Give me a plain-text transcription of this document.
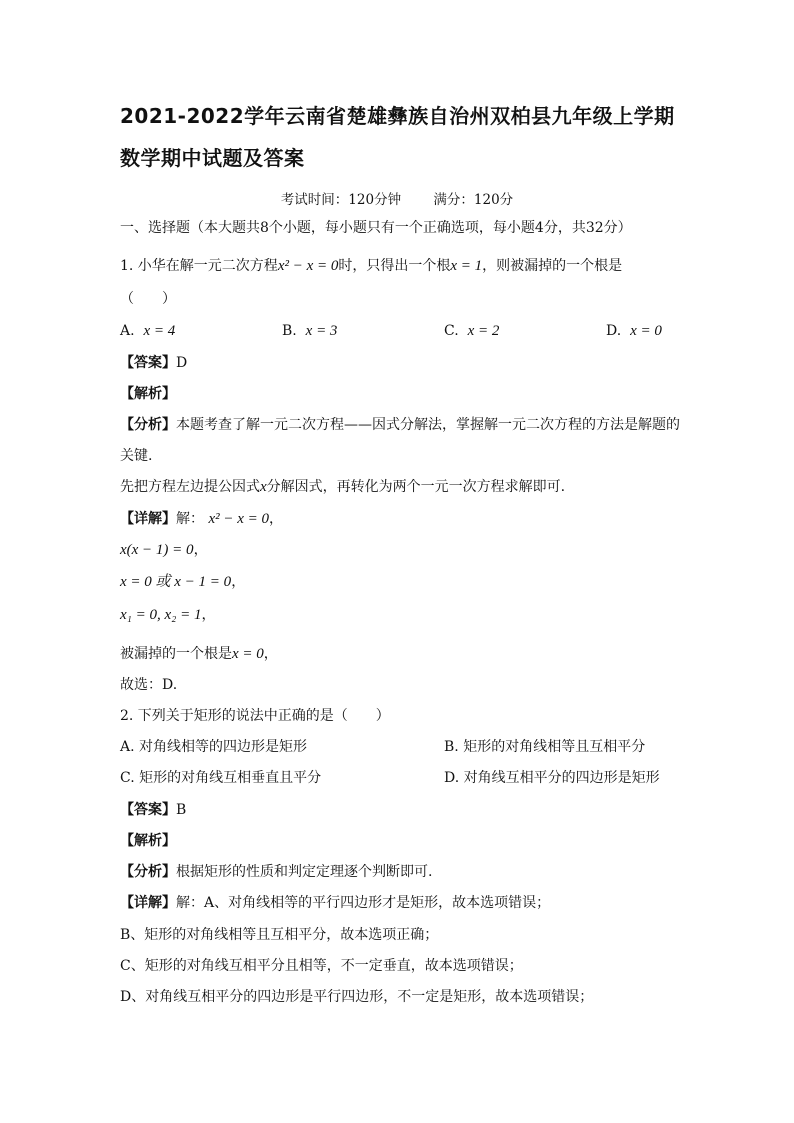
2021-2022学年云南省楚雄彝族自治州双柏县九年级上学期
数学期中试题及答案
考试时间：120分钟 满分：120分
一、选择题（本大题共8个小题，每小题只有一个正确选项，每小题4分，共32分）
1. 小华在解一元二次方程x² − x = 0时，只得出一个根x = 1，则被漏掉的一个根是
（　　）
A. x = 4	B. x = 3	C. x = 2	D. x = 0
【答案】D
【解析】
【分析】本题考查了解一元二次方程——因式分解法，掌握解一元二次方程的方法是解题的
关键.
先把方程左边提公因式x分解因式，再转化为两个一元一次方程求解即可.
【详解】解： x² − x = 0，
x(x − 1) = 0，
x = 0 或 x − 1 = 0，
x₁ = 0, x₂ = 1，
被漏掉的一个根是x = 0，
故选：D.
2. 下列关于矩形的说法中正确的是（　　）
A. 对角线相等的四边形是矩形	B. 矩形的对角线相等且互相平分
C. 矩形的对角线互相垂直且平分	D. 对角线互相平分的四边形是矩形
【答案】B
【解析】
【分析】根据矩形的性质和判定定理逐个判断即可.
【详解】解：A、对角线相等的平行四边形才是矩形，故本选项错误；
B、矩形的对角线相等且互相平分，故本选项正确；
C、矩形的对角线互相平分且相等，不一定垂直，故本选项错误；
D、对角线互相平分的四边形是平行四边形，不一定是矩形，故本选项错误；
